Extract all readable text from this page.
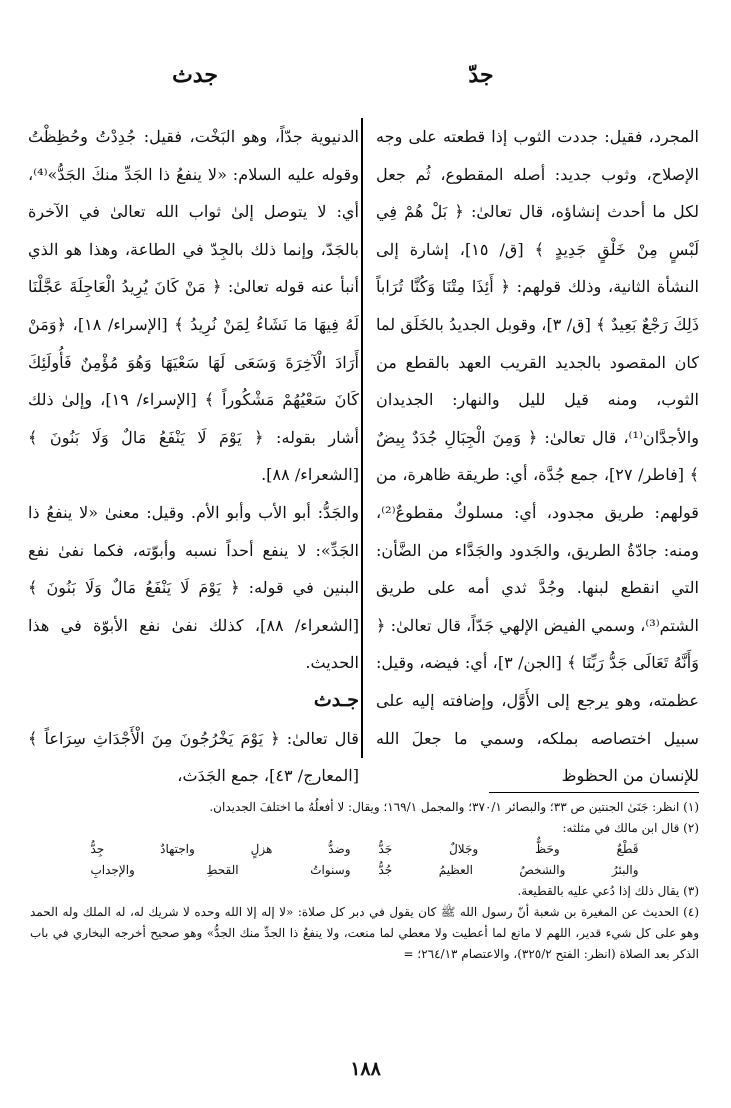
جدّ
جدث

المجرد، فقيل: جددت الثوب إذا قطعته على وجه الإصلاح، وثوب جديد: أصله المقطوع، ثُم جعل لكل ما أحدث إنشاؤه، قال تعالىٰ: ﴿ بَلْ هُمْ فِي لَبْسٍ مِنْ خَلْقٍ جَدِيدٍ ﴾ [ق/ ١٥]، إشارة إلى النشأة الثانية، وذلك قولهم: ﴿ أَئِذَا مِتْنَا وَكُنَّا تُرَاباً ذَلِكَ رَجْعٌ بَعِيدٌ ﴾ [ق/ ٣]، وقوبل الجديدُ بالخَلَق لما كان المقصود بالجديد القريب العهد بالقطع من الثوب، ومنه قيل لليل والنهار: الجديدان والأجدَّان⁽¹⁾، قال تعالىٰ: ﴿ وَمِنَ الْجِبَالِ جُدَدٌ بِيضٌ ﴾ [فاطر/ ٢٧]، جمع جُدَّة، أي: طريقة ظاهرة، من قولهم: طريق مجدود، أي: مسلوكٌ مقطوعٌ⁽²⁾، ومنه: جادّةُ الطريق، والجَدود والجَدَّاء من الضَّأن: التي انقطع لبنها. وجُدَّ ثدي أمه على طريق الشتم⁽³⁾، وسمي الفيض الإلهي جَدّاً، قال تعالىٰ: ﴿ وَأَنَّهُ تَعَالَى جَدُّ رَبِّنَا ﴾ [الجن/ ٣]، أي: فيضه، وقيل: عظمته، وهو يرجع إلى الأَوَّل، وإضافته إليه على سبيل اختصاصه بملكه، وسمي ما جعلَ الله للإنسان من الحظوظ

الدنيوية جدّاً، وهو البَخْت، فقيل: جُدِدْتُ وحُظِظْتُ وقوله عليه السلام: «لا ينفعُ ذا الجَدِّ منكَ الجَدُّ»⁽⁴⁾، أي: لا يتوصل إلىٰ ثواب الله تعالىٰ في الآخرة بالجَدّ، وإنما ذلك بالجِدّ في الطاعة، وهذا هو الذي أنبأ عنه قوله تعالىٰ: ﴿ مَنْ كَانَ يُرِيدُ الْعَاجِلَةَ عَجَّلْنَا لَهُ فِيهَا مَا نَشَاءُ لِمَنْ نُرِيدُ ﴾ [الإسراء/ ١٨]، ﴿وَمَنْ أَرَادَ الْآخِرَةَ وَسَعَى لَهَا سَعْيَهَا وَهُوَ مُؤْمِنٌ فَأُولَئِكَ كَانَ سَعْيُهُمْ مَشْكُوراً ﴾ [الإسراء/ ١٩]، وإلىٰ ذلك أشار بقوله: ﴿ يَوْمَ لَا يَنْفَعُ مَالٌ وَلَا بَنُونَ ﴾ [الشعراء/ ٨٨].

والجَدُّ: أبو الأب وأبو الأم. وقيل: معنىٰ «لا ينفعُ ذا الجَدِّ»: لا ينفع أحداً نسبه وأبوّته، فكما نفىٰ نفع البنين في قوله: ﴿ يَوْمَ لَا يَنْفَعُ مَالٌ وَلَا بَنُونَ ﴾ [الشعراء/ ٨٨]، كذلك نفىٰ نفع الأبوّة في هذا الحديث.

جـدث

قال تعالىٰ: ﴿ يَوْمَ يَخْرُجُونَ مِنَ الْأَجْدَاثِ سِرَاعاً ﴾ [المعارج/ ٤٣]، جمع الجَدَث،

(١) انظر: جَنَىٰ الجنتين ص ٣٣؛ والبصائر ٣٧٠/١؛ والمجمل ١٦٩/١؛ ويقال: لا أفعلُهُ ما اختلفَ الجديدان.

(٢) قال ابن مالك في مثلثه:

قَطْعٌ وحَظٌّ وجَلالٌ جَدُّ
وضدُّ هزلٍ واجتهادٌ جِدُّ
والبئرُ والشخصُ العظيمُ جُدُّ
وسنواتُ القحطِ والإجدابِ

(٣) يقال ذلك إذا دُعي عليه بالقطيعة.

(٤) الحديث عن المغيرة بن شعبة أنّ رسول الله ﷺ كان يقول في دبر كل صلاة: «لا إله إلا الله وحده لا شريك له، له الملك وله الحمد وهو على كل شيء قدير، اللهم لا مانع لما أعطيت ولا معطي لما منعت، ولا ينفعُ ذا الجدِّ منك الجدُّ» وهو صحيح أخرجه البخاري في باب الذكر بعد الصلاة (انظر: الفتح ٣٢٥/٢)، والاعتصام ٢٦٤/١٣؛ =

١٨٨
